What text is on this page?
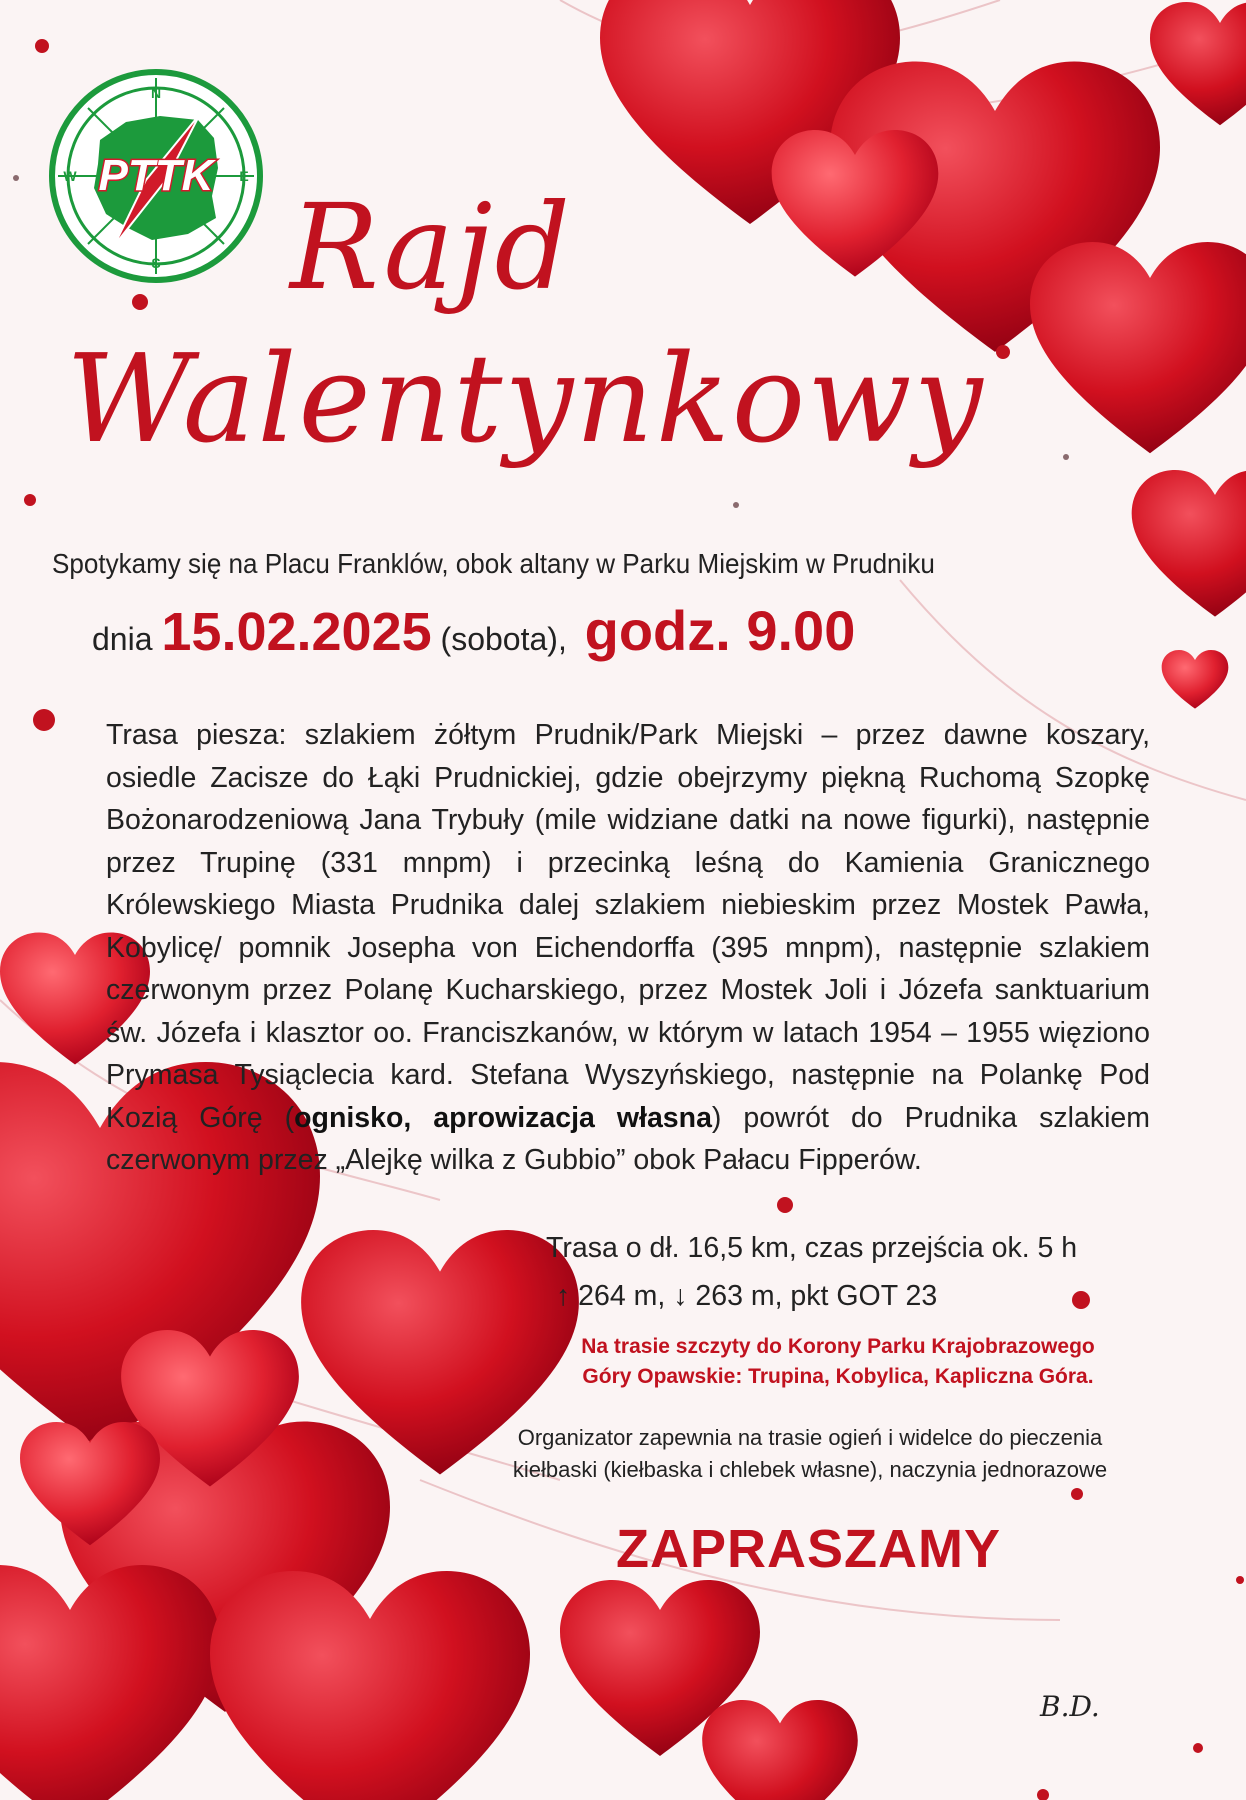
N
S
W	E
PTTK
Rajd
Walentynkowy
Spotykamy się na Placu Franklów, obok altany w Parku Miejskim w Prudniku
dnia 15.02.2025 (sobota), godz. 9.00

Trasa piesza: szlakiem żółtym Prudnik/Park Miejski – przez dawne koszary, osiedle Zacisze do Łąki Prudnickiej, gdzie obejrzymy piękną Ruchomą Szopkę Bożonarodzeniową Jana Trybuły (mile widziane datki na nowe figurki), następnie przez Trupinę (331 mnpm) i przecinką leśną do Kamienia Granicznego Królewskiego Miasta Prudnika dalej szlakiem niebieskim przez Mostek Pawła, Kobylicę/ pomnik Josepha von Eichendorffa (395 mnpm), następnie szlakiem czerwonym przez Polanę Kucharskiego, przez Mostek Joli i Józefa sanktuarium św. Józefa i klasztor oo. Franciszkanów, w którym w latach 1954 – 1955 więziono Prymasa Tysiąclecia kard. Stefana Wyszyńskiego, następnie na Polankę Pod Kozią Górę (ognisko, aprowizacja własna) powrót do Prudnika szlakiem czerwonym przez „Alejkę wilka z Gubbio” obok Pałacu Fipperów.

Trasa o dł. 16,5 km, czas przejścia ok. 5 h
↑ 264 m, ↓ 263 m, pkt GOT 23

Na trasie szczyty do Korony Parku Krajobrazowego
Góry Opawskie: Trupina, Kobylica, Kapliczna Góra.

Organizator zapewnia na trasie ogień i widelce do pieczenia
kiełbaski (kiełbaska i chlebek własne), naczynia jednorazowe

ZAPRASZAMY
B.D.
